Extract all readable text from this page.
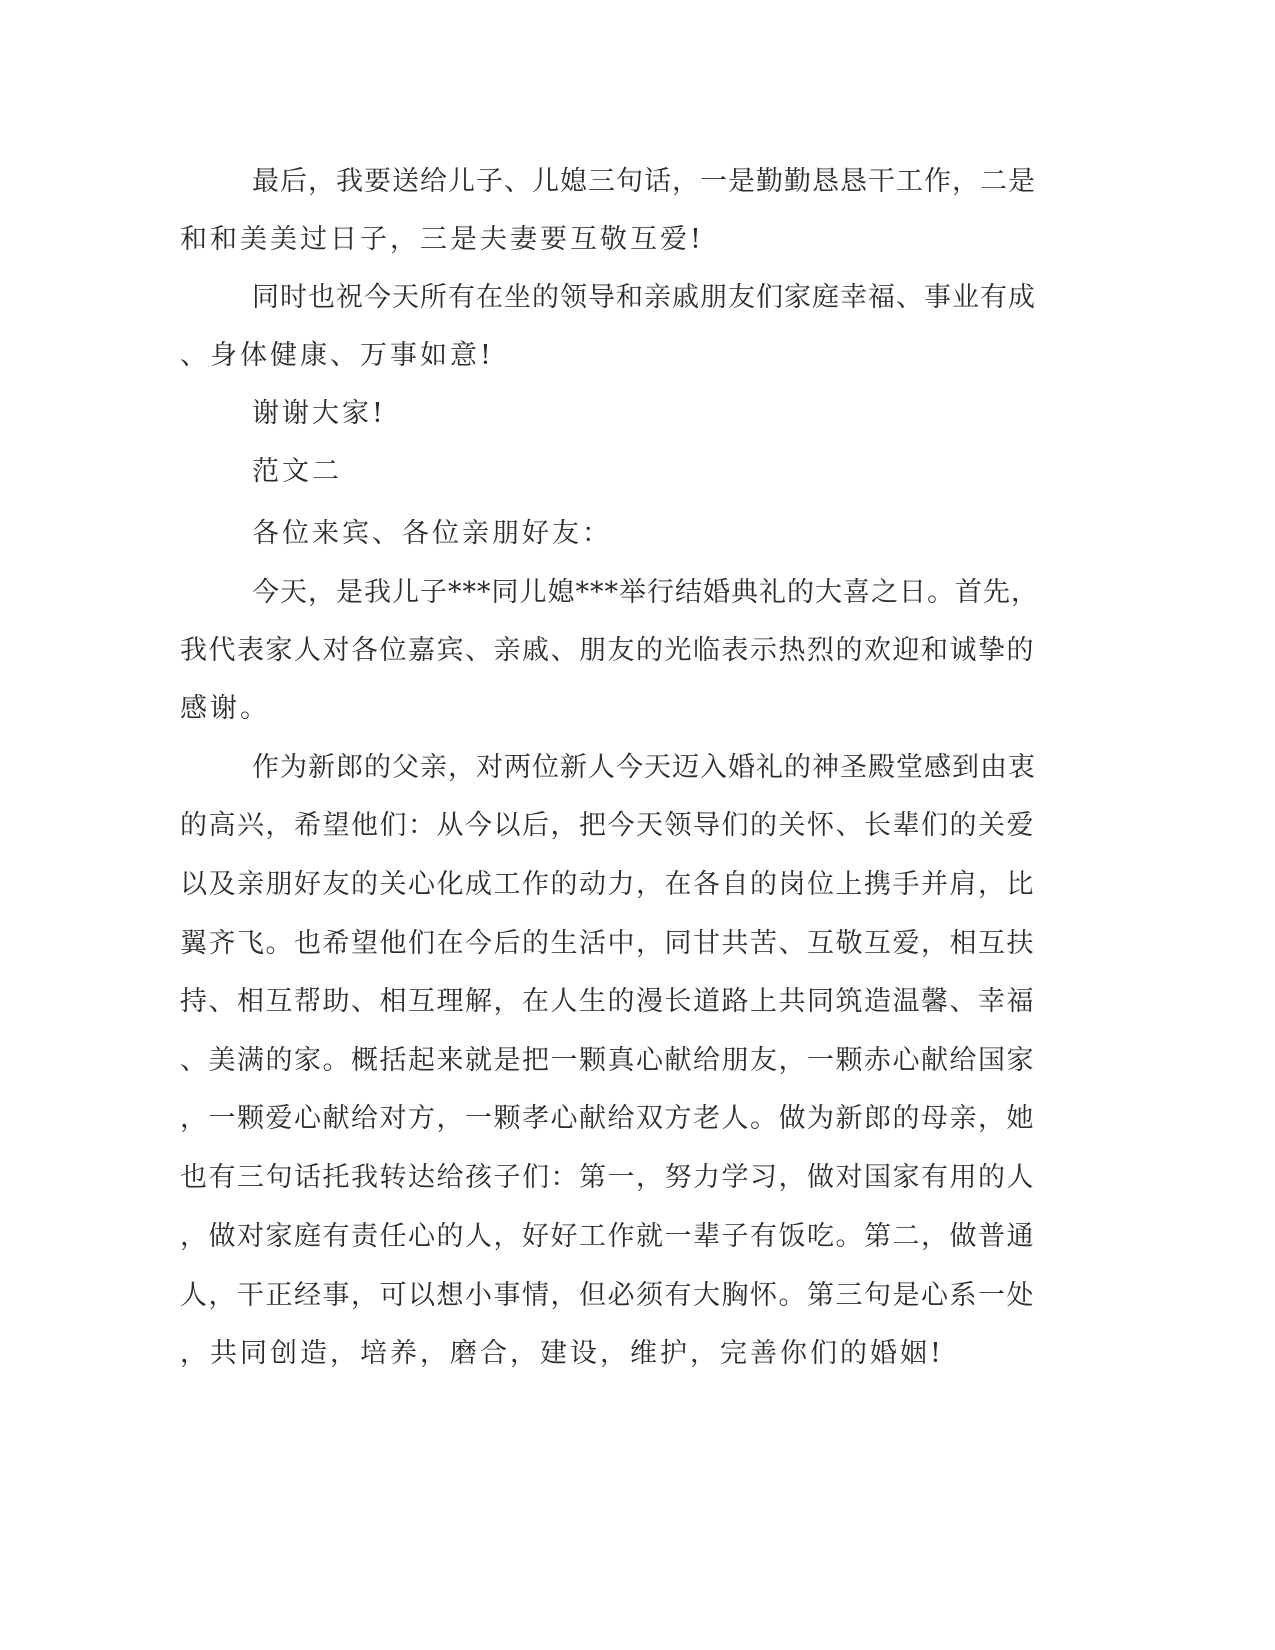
最后，我要送给儿子、儿媳三句话，一是勤勤恳恳干工作，二是

和和美美过日子，三是夫妻要互敬互爱!

同时也祝今天所有在坐的领导和亲戚朋友们家庭幸福、事业有成

、身体健康、万事如意!

谢谢大家!

范文二

各位来宾、各位亲朋好友：

今天，是我儿子***同儿媳***举行结婚典礼的大喜之日。首先，

我代表家人对各位嘉宾、亲戚、朋友的光临表示热烈的欢迎和诚挚的

感谢。

作为新郎的父亲，对两位新人今天迈入婚礼的神圣殿堂感到由衷

的高兴，希望他们：从今以后，把今天领导们的关怀、长辈们的关爱

以及亲朋好友的关心化成工作的动力，在各自的岗位上携手并肩，比

翼齐飞。也希望他们在今后的生活中，同甘共苦、互敬互爱，相互扶

持、相互帮助、相互理解，在人生的漫长道路上共同筑造温馨、幸福

、美满的家。概括起来就是把一颗真心献给朋友，一颗赤心献给国家

，一颗爱心献给对方，一颗孝心献给双方老人。做为新郎的母亲，她

也有三句话托我转达给孩子们：第一，努力学习，做对国家有用的人

，做对家庭有责任心的人，好好工作就一辈子有饭吃。第二，做普通

人，干正经事，可以想小事情，但必须有大胸怀。第三句是心系一处

，共同创造，培养，磨合，建设，维护，完善你们的婚姻!
